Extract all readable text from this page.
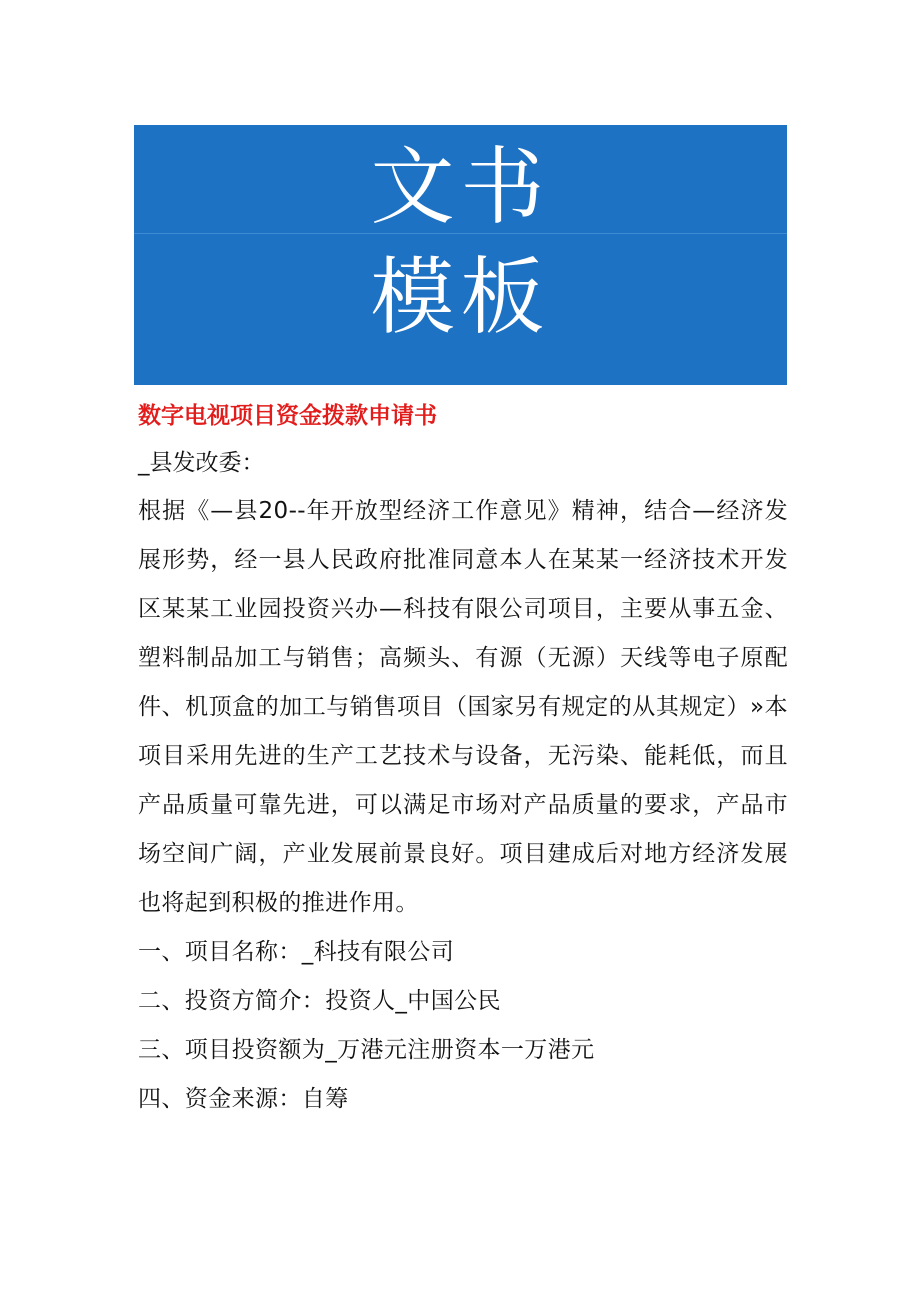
文书
模板

数字电视项目资金拨款申请书

_县发改委：

根据《—县20--年开放型经济工作意见》精神，结合—经济发展形势，经一县人民政府批准同意本人在某某一经济技术开发区某某工业园投资兴办—科技有限公司项目，主要从事五金、塑料制品加工与销售；高频头、有源（无源）天线等电子原配件、机顶盒的加工与销售项目（国家另有规定的从其规定）»本项目采用先进的生产工艺技术与设备，无污染、能耗低，而且产品质量可靠先进，可以满足市场对产品质量的要求，产品市场空间广阔，产业发展前景良好。项目建成后对地方经济发展也将起到积极的推进作用。

一、项目名称：_科技有限公司

二、投资方简介：投资人_中国公民

三、项目投资额为_万港元注册资本一万港元

四、资金来源：自筹
